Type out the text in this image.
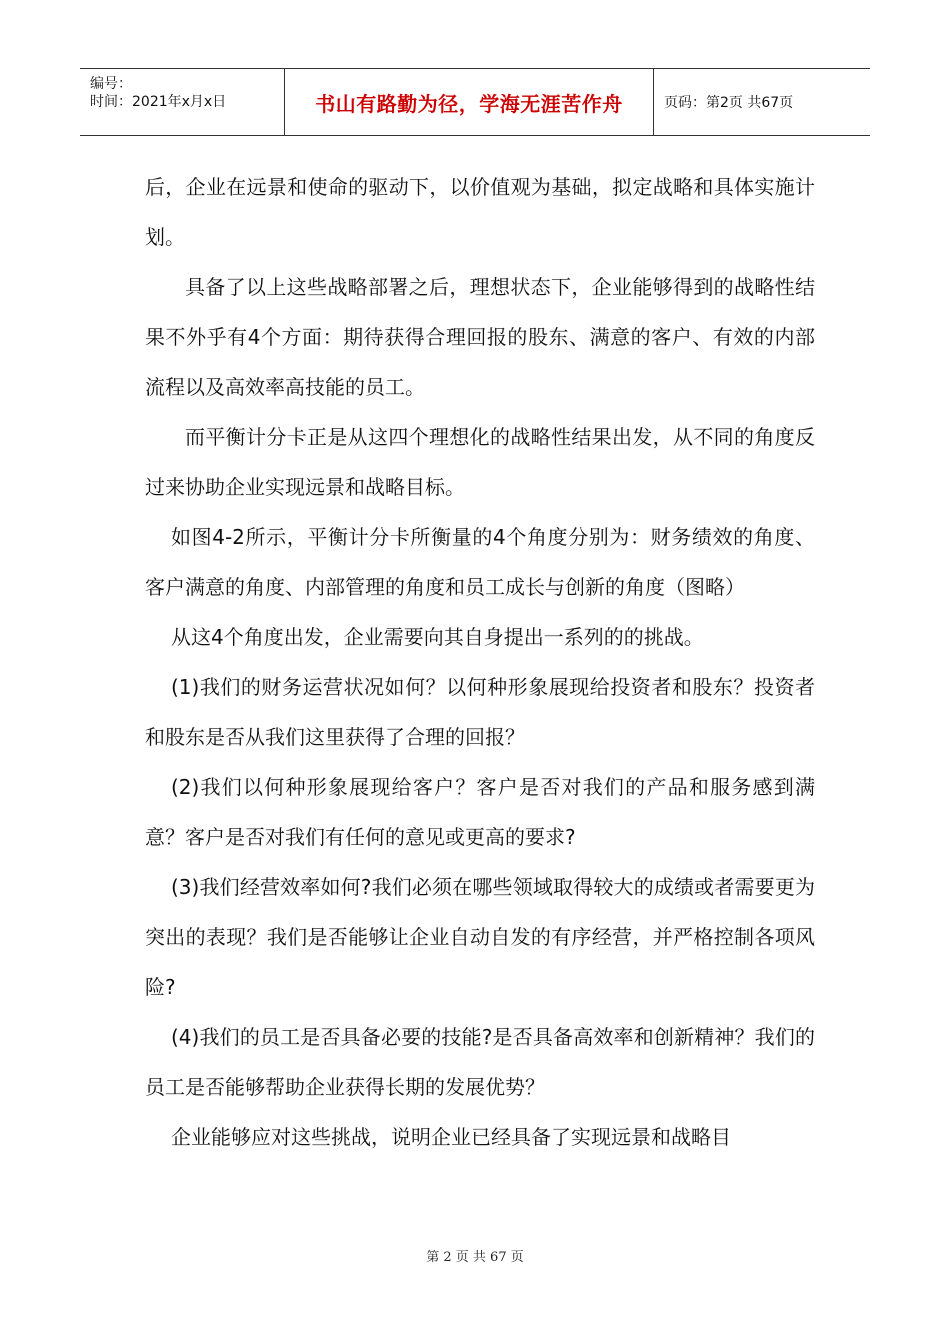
编号：
时间：2021年x月x日	书山有路勤为径，学海无涯苦作舟	页码：第2页 共67页

后，企业在远景和使命的驱动下，以价值观为基础，拟定战略和具体实施计划。

具备了以上这些战略部署之后，理想状态下，企业能够得到的战略性结果不外乎有4个方面：期待获得合理回报的股东、满意的客户、有效的内部流程以及高效率高技能的员工。

而平衡计分卡正是从这四个理想化的战略性结果出发，从不同的角度反过来协助企业实现远景和战略目标。

如图4-2所示，平衡计分卡所衡量的4个角度分别为：财务绩效的角度、客户满意的角度、内部管理的角度和员工成长与创新的角度（图略）

从这4个角度出发，企业需要向其自身提出一系列的的挑战。

(1)我们的财务运营状况如何？以何种形象展现给投资者和股东？投资者和股东是否从我们这里获得了合理的回报？

(2)我们以何种形象展现给客户？客户是否对我们的产品和服务感到满意？客户是否对我们有任何的意见或更高的要求?

(3)我们经营效率如何?我们必须在哪些领域取得较大的成绩或者需要更为突出的表现？我们是否能够让企业自动自发的有序经营，并严格控制各项风险?

(4)我们的员工是否具备必要的技能?是否具备高效率和创新精神？我们的员工是否能够帮助企业获得长期的发展优势？

企业能够应对这些挑战，说明企业已经具备了实现远景和战略目

第 2 页 共 67 页
